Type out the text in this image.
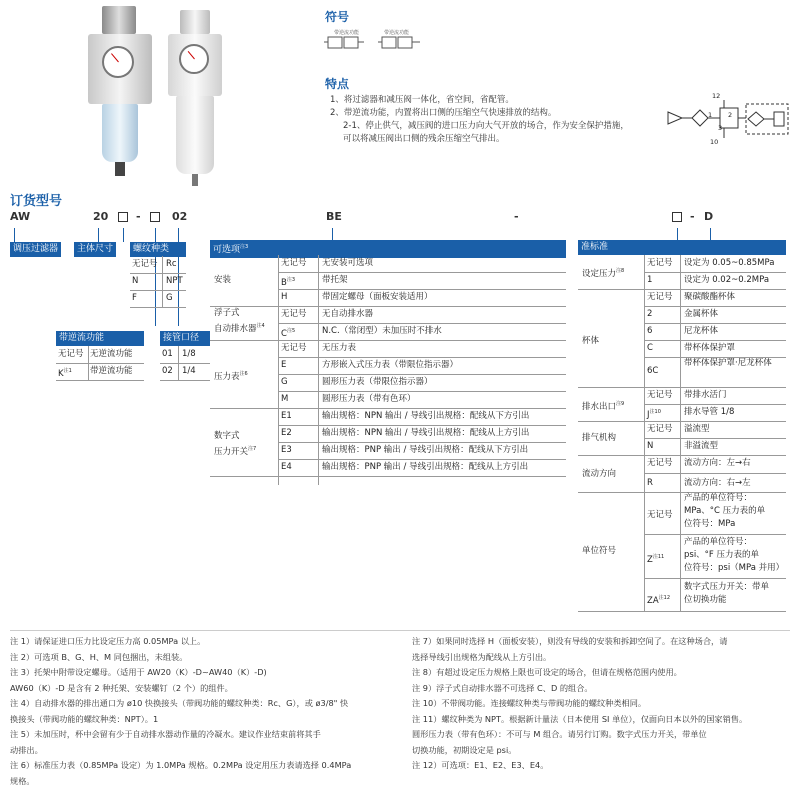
符号
带逆流功能	带逆流功能
特点
1、将过滤器和减压阀一体化，省空间，省配管。
2、带逆流功能，内置将出口侧的压缩空气快速排放的结构。
2-1、停止供气，减压阀的进口压力向大气开放的场合，作为安全保护措施，
可以将减压阀出口侧的残余压缩空气排出。
12
1 2
3
10
订货型号
AW	20	-	02	BE	-	- D
调压过滤器	主体尺寸	螺纹种类	可选项$^{注3}$	准标准
无记号 Rc
N	NPT
F	G
带逆流功能
无记号 无逆流功能
$K^{注1}$ 带逆流功能
接管口径
01 1/8
02 1/4
安装
无记号 无安装可选项
$B^{注3}$	带托架
H	带固定螺母（面板安装适用）
浮子式
自动排水器$^{注4}$
无记号 无自动排水器
$C^{注5}$	N.C.（常闭型）未加压时不排水
压力表$^{注6}$
无记号 无压力表
E	方形嵌入式压力表（带限位指示器）
G	圆形压力表（带限位指示器）
M	圆形压力表（带有色环）
数字式
压力开关$^{注7}$
E1	输出规格：NPN 输出 / 导线引出规格：配线从下方引出
E2	输出规格：NPN 输出 / 导线引出规格：配线从上方引出
E3	输出规格：PNP 输出 / 导线引出规格：配线从下方引出
E4	输出规格：PNP 输出 / 导线引出规格：配线从上方引出
设定压力$^{注8}$
无记号 设定为 0.05~0.85MPa
1	设定为 0.02~0.2MPa
杯体
无记号 聚碳酸酯杯体
2	金属杯体
6	尼龙杯体
C	带杯体保护罩
6C
带杯体保护罩·尼龙杯体
排水出口$^{注9}$
无记号 带排水活门
$J^{注10}$	排水导管 1/8
排气机构
无记号 溢流型
N	非溢流型
流动方向
无记号 流动方向：左→右
R	流动方向：右→左
单位符号
无记号
产品的单位符号：
MPa、°C 压力表的单
位符号：MPa
$Z^{注11}$
产品的单位符号：
psi、°F 压力表的单
位符号：psi（MPa 并用）
ZA$^{注12}$
数字式压力开关：带单
位切换功能
注 1）请保证进口压力比设定压力高 0.05MPa 以上。
注 2）可选项 B、G、H、M 同包捆出，未组装。
注 3）托架中附带设定螺母。（适用于 AW20（K）-D~AW40（K）-D)
AW60（K）-D 是含有 2 种托架、安装螺钉（2 个）的组件。
注 4）自动排水器的排出通口为 ø10 快换接头（带阀功能的螺纹种类：Rc、G），或 ø3/8" 快
换接头（带阀功能的螺纹种类：NPT）。1
注 5）未加压时，杯中会留有少于自动排水器动作量的冷凝水。建议作业结束前将其手
动排出。
注 6）标准压力表（0.85MPa 设定）为 1.0MPa 规格。0.2MPa 设定用压力表请选择 0.4MPa
规格。
注 7）如果同时选择 H（面板安装），则没有导线的安装和拆卸空间了。在这种场合，请
选择导线引出规格为配线从上方引出。
注 8）有超过设定压力规格上限也可设定的场合，但请在规格范围内使用。
注 9）浮子式自动排水器不可选择 C、D 的组合。
注 10）不带阀功能。连接螺纹种类与带阀功能的螺纹种类相同。
注 11）螺纹种类为 NPT。根据新计量法（日本使用 SI 单位），仅面向日本以外的国家销售。
圆形压力表（带有色环）：不可与 M 组合。请另行订购。数字式压力开关，带单位
切换功能，初期设定是 psi。
注 12）可选项：E1、E2、E3、E4。
